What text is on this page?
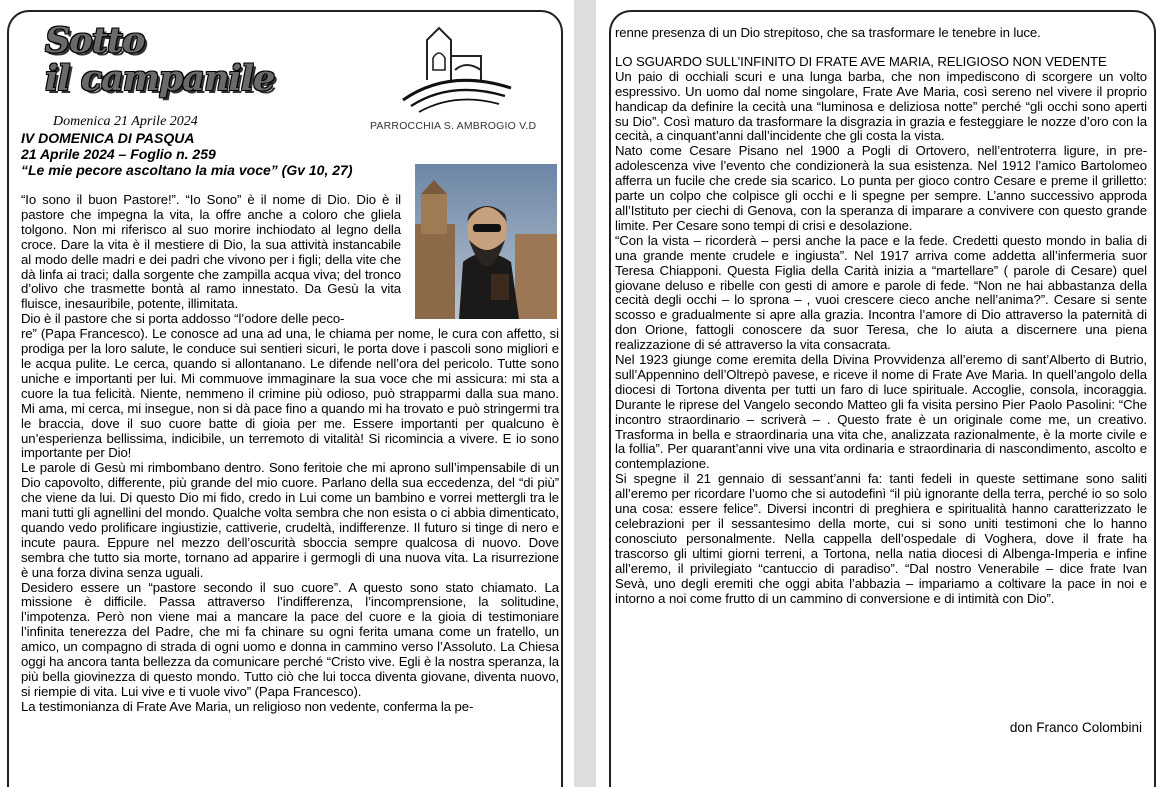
Sotto
il campanile
Domenica 21 Aprile 2024	PARROCCHIA S. AMBROGIO V.D
IV DOMENICA DI PASQUA
21 Aprile 2024 – Foglio n. 259
“Le mie pecore ascoltano la mia voce” (Gv 10, 27)
“Io sono il buon Pastore!”. “Io Sono” è il nome di Dio. Dio è il pastore che impegna la vita, la offre anche a coloro che gliela tolgono. Non mi riferisco al suo morire inchiodato al legno della croce. Dare la vita è il mestiere di Dio, la sua attività instancabile al modo delle madri e dei padri che vivono per i figli; della vite che dà linfa ai traci; dalla sorgente che zampilla acqua viva; del tronco d’olivo che trasmette bontà al ramo innestato. Da Gesù la vita fluisce, inesauribile, potente, illimitata.
Dio è il pastore che si porta addosso “l’odore delle peco-
re” (Papa Francesco). Le conosce ad una ad una, le chiama per nome, le cura con affetto, si prodiga per la loro salute, le conduce sui sentieri sicuri, le porta dove i pascoli sono migliori e le acqua pulite. Le cerca, quando si allontanano. Le difende nell’ora del pericolo. Tutte sono uniche e importanti per lui. Mi commuove immaginare la sua voce che mi assicura: mi sta a cuore la tua felicità. Niente, nemmeno il crimine più odioso, può strapparmi dalla sua mano. Mi ama, mi cerca, mi insegue, non si dà pace fino a quando mi ha trovato e può stringermi tra le braccia, dove il suo cuore batte di gioia per me. Essere importanti per qualcuno è un’esperienza bellissima, indicibile, un terremoto di vitalità! Si ricomincia a vivere. E io sono importante per Dio!
Le parole di Gesù mi rimbombano dentro. Sono feritoie che mi aprono sull’impensabile di un Dio capovolto, differente, più grande del mio cuore. Parlano della sua eccedenza, del “di più” che viene da lui. Di questo Dio mi fido, credo in Lui come un bambino e vorrei mettergli tra le mani tutti gli agnellini del mondo. Qualche volta sembra che non esista o ci abbia dimenticato, quando vedo prolificare ingiustizie, cattiverie, crudeltà, indifferenze. Il futuro si tinge di nero e incute paura. Eppure nel mezzo dell’oscurità sboccia sempre qualcosa di nuovo. Dove sembra che tutto sia morte, tornano ad apparire i germogli di una nuova vita. La risurrezione è una forza divina senza uguali.
Desidero essere un “pastore secondo il suo cuore”. A questo sono stato chiamato. La missione è difficile. Passa attraverso l’indifferenza, l’incomprensione, la solitudine, l’impotenza. Però non viene mai a mancare la pace del cuore e la gioia di testimoniare l’infinita tenerezza del Padre, che mi fa chinare su ogni ferita umana come un fratello, un amico, un compagno di strada di ogni uomo e donna in cammino verso l’Assoluto. La Chiesa oggi ha ancora tanta bellezza da comunicare perché “Cristo vive. Egli è la nostra speranza, la più bella giovinezza di questo mondo. Tutto ciò che lui tocca diventa giovane, diventa nuovo, si riempie di vita. Lui vive e ti vuole vivo” (Papa Francesco).
La testimonianza di Frate Ave Maria, un religioso non vedente, conferma la pe-

renne presenza di un Dio strepitoso, che sa trasformare le tenebre in luce.

LO SGUARDO SULL’INFINITO DI FRATE AVE MARIA, RELIGIOSO NON VEDENTE

Un paio di occhiali scuri e una lunga barba, che non impediscono di scorgere un volto espressivo. Un uomo dal nome singolare, Frate Ave Maria, così sereno nel vivere il proprio handicap da definire la cecità una “luminosa e deliziosa notte” perché “gli occhi sono aperti su Dio”. Così maturo da trasformare la disgrazia in grazia e festeggiare le nozze d’oro con la cecità, a cinquant’anni dall’incidente che gli costa la vista.

Nato come Cesare Pisano nel 1900 a Pogli di Ortovero, nell’entroterra ligure, in pre-adolescenza vive l’evento che condizionerà la sua esistenza. Nel 1912 l’amico Bartolomeo afferra un fucile che crede sia scarico. Lo punta per gioco contro Cesare e preme il grilletto: parte un colpo che colpisce gli occhi e li spegne per sempre. L’anno successivo approda all’Istituto per ciechi di Genova, con la speranza di imparare a convivere con questo grande limite. Per Cesare sono tempi di crisi e desolazione.

“Con la vista – ricorderà – persi anche la pace e la fede. Credetti questo mondo in balia di una grande mente crudele e ingiusta”. Nel 1917 arriva come addetta all’infermeria suor Teresa Chiapponi. Questa Figlia della Carità inizia a “martellare” ( parole di Cesare) quel giovane deluso e ribelle con gesti di amore e parole di fede. “Non ne hai abbastanza della cecità degli occhi – lo sprona – , vuoi crescere cieco anche nell’anima?”. Cesare si sente scosso e gradualmente si apre alla grazia. Incontra l’amore di Dio attraverso la paternità di don Orione, fattogli conoscere da suor Teresa, che lo aiuta a discernere una piena realizzazione di sé attraverso la vita consacrata.

Nel 1923 giunge come eremita della Divina Provvidenza all’eremo di sant’Alberto di Butrio, sull’Appennino dell’Oltrepò pavese, e riceve il nome di Frate Ave Maria. In quell’angolo della diocesi di Tortona diventa per tutti un faro di luce spirituale. Accoglie, consola, incoraggia. Durante le riprese del Vangelo secondo Matteo gli fa visita persino Pier Paolo Pasolini: “Che incontro straordinario – scriverà – . Questo frate è un originale come me, un creativo. Trasforma in bella e straordinaria una vita che, analizzata razionalmente, è la morte civile e la follia”. Per quarant’anni vive una vita ordinaria e straordinaria di nascondimento, ascolto e contemplazione.

Si spegne il 21 gennaio di sessant’anni fa: tanti fedeli in queste settimane sono saliti all’eremo per ricordare l’uomo che si autodefinì “il più ignorante della terra, perché io so solo una cosa: essere felice”. Diversi incontri di preghiera e spiritualità hanno caratterizzato le celebrazioni per il sessantesimo della morte, cui si sono uniti testimoni che lo hanno conosciuto personalmente. Nella cappella dell’ospedale di Voghera, dove il frate ha trascorso gli ultimi giorni terreni, a Tortona, nella natia diocesi di Albenga-Imperia e infine all’eremo, il privilegiato “cantuccio di paradiso”. “Dal nostro Venerabile – dice frate Ivan Sevà, uno degli eremiti che oggi abita l’abbazia – impariamo a coltivare la pace in noi e intorno a noi come frutto di un cammino di conversione e di intimità con Dio”.

don Franco Colombini
